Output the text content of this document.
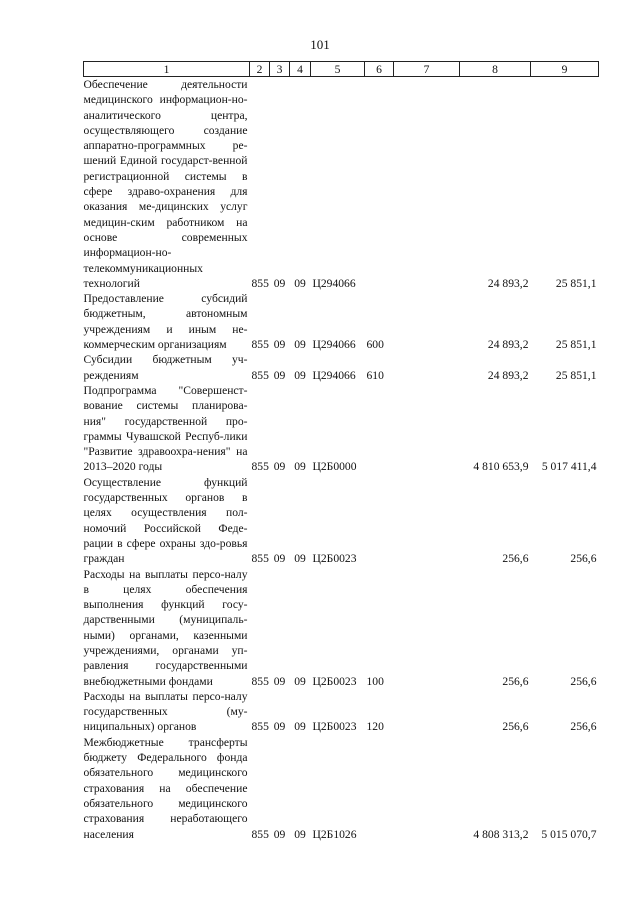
101
1	2	3	4	5	6	7	8	9
Обеспечение деятельности медицинского информацион-но-аналитического центра, осуществляющего создание аппаратно-программных ре-шений Единой государст-венной регистрационной системы в сфере здраво-охранения для оказания ме-дицинских услуг медицин-ским работником на основе современных информацион-но-телекоммуникационных технологий	855	09	09	Ц294066			24 893,2	25 851,1
Предоставление субсидий бюджетным, автономным учреждениям и иным не-коммерческим организациям	855	09	09	Ц294066	600		24 893,2	25 851,1
Субсидии бюджетным уч-реждениям	855	09	09	Ц294066	610		24 893,2	25 851,1
Подпрограмма "Совершенст-вование системы планирова-ния" государственной про-граммы Чувашской Респуб-лики "Развитие здравоохра-нения" на 2013–2020 годы	855	09	09	Ц2Б0000			4 810 653,9	5 017 411,4
Осуществление функций государственных органов в целях осуществления пол-номочий Российской Феде-рации в сфере охраны здо-ровья граждан	855	09	09	Ц2Б0023			256,6	256,6
Расходы на выплаты персо-налу в целях обеспечения выполнения функций госу-дарственными (муниципаль-ными) органами, казенными учреждениями, органами уп-равления государственными внебюджетными фондами	855	09	09	Ц2Б0023	100		256,6	256,6
Расходы на выплаты персо-налу государственных (му-ниципальных) органов	855	09	09	Ц2Б0023	120		256,6	256,6
Межбюджетные трансферты бюджету Федерального фонда обязательного медицинского страхования на обеспечение обязательного медицинского страхования неработающего населения	855	09	09	Ц2Б1026			4 808 313,2	5 015 070,7
